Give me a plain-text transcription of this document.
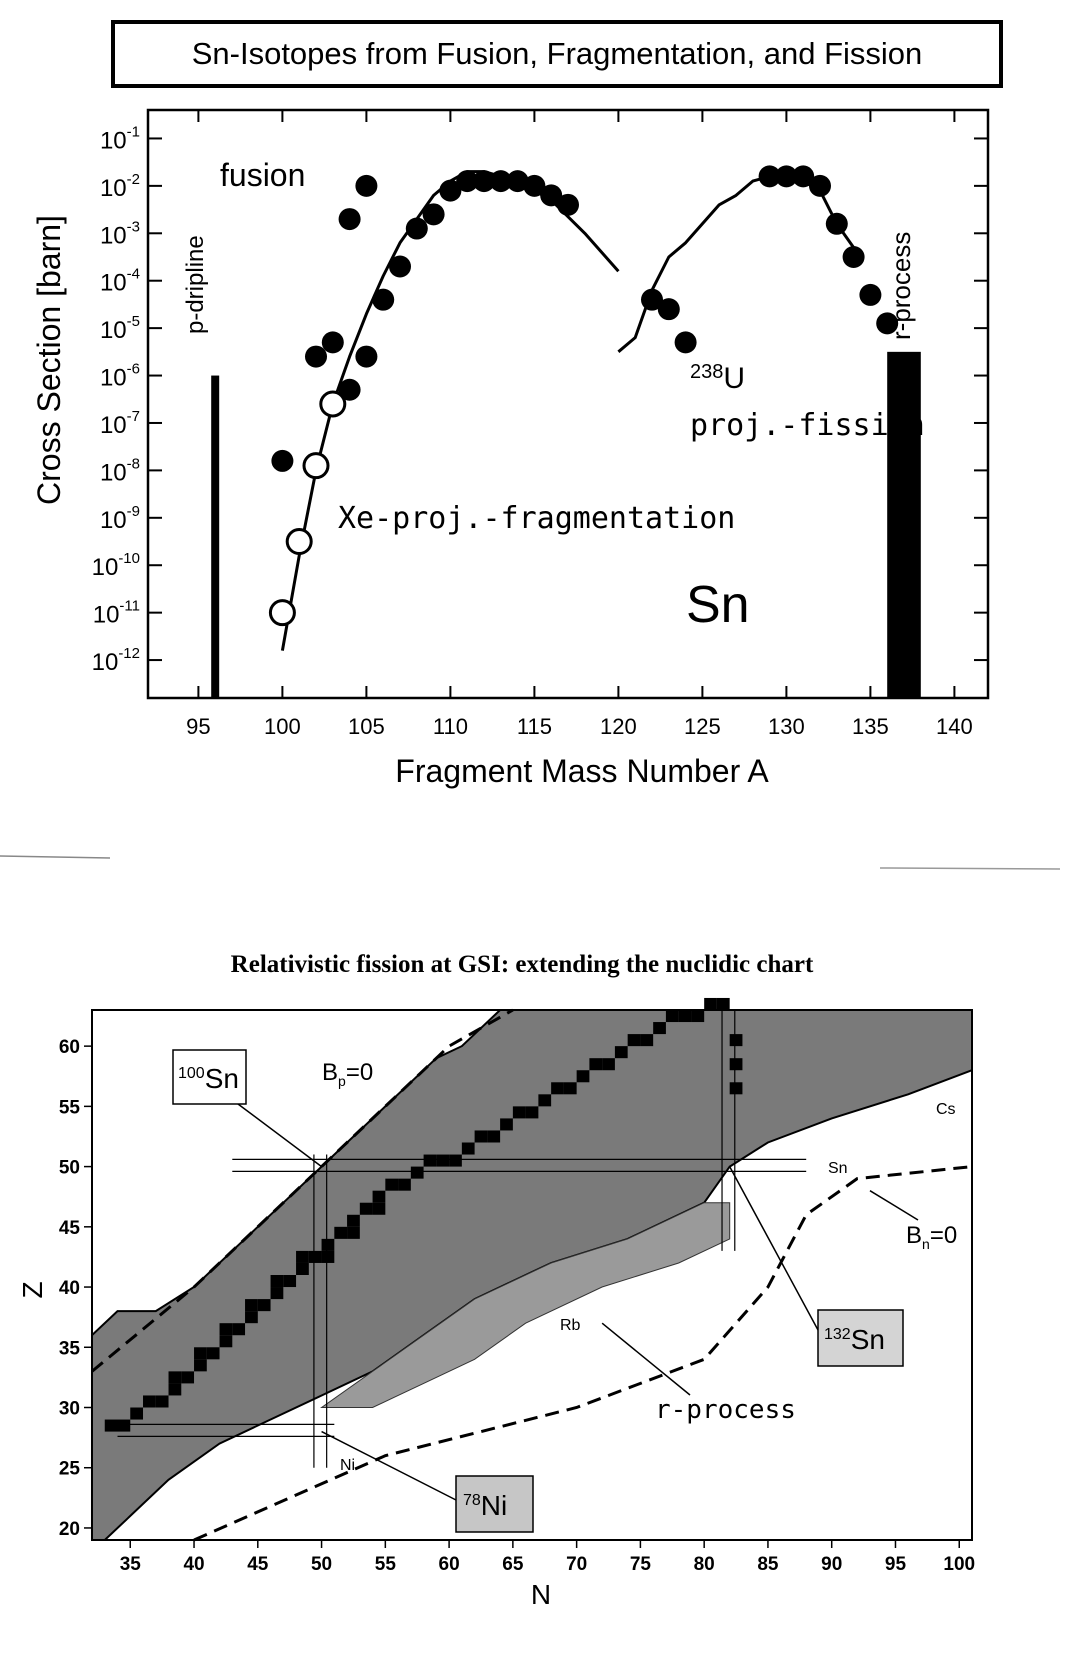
Sn-Isotopes from Fusion, Fragmentation, and Fission
95 100 105 110 115 120 125 130 135 140
$10^{-1}$
$10^{-2}$
$10^{-3}$
$10^{-4}$
$10^{-5}$
$10^{-6}$
$10^{-7}$
$10^{-8}$
$10^{-9}$
$10^{-10}$
$10^{-11}$
$10^{-12}$
fusion
Xe-proj.-fragmentation
$^{238}$U
proj.-fission
Sn
p-dripline	r-process
Fragment Mass Number A
Cross Section [barn]
Relativistic fission at GSI: extending the nuclidic chart
35 40 45 50 55 60 65 70 75 80 85 90 95 100
20
25
30
35
40
45
50
55
60
$^{100}$Sn
$^{132}$Sn
$^{78}$Ni
$B_p=0$
$B_n=0$
Cs
Sn
Rb
Ni
r-process
N
Z
